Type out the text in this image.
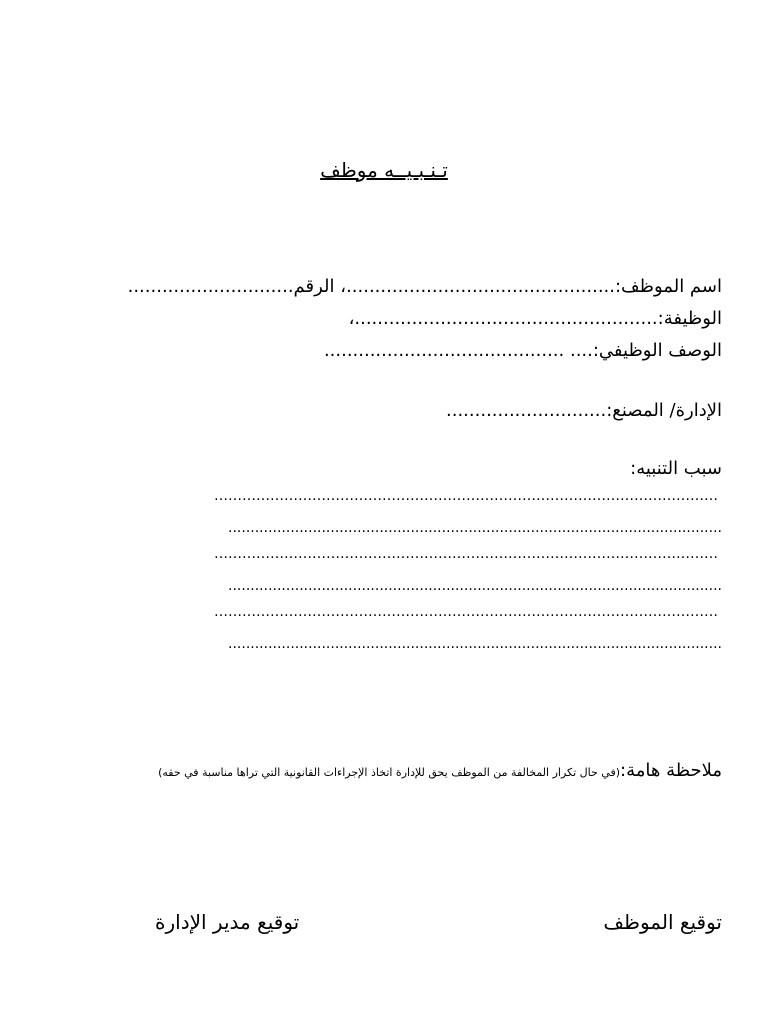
تـنـبـيــه موظف
اسم الموظف:...............................................، الرقم.............................
الوظيفة:.....................................................،
الوصف الوظيفي:.... ..........................................
الإدارة/ المصنع:............................
سبب التنبيه:
………………………………………………………………………………………………
...............................................................................................................
………………………………………………………………………………………………
...............................................................................................................
………………………………………………………………………………………………
...............................................................................................................
ملاحظة هامة:(في حال تكرار المخالفة من الموظف يحق للإدارة اتخاذ الإجراءات القانونية التي تراها مناسبة في حقه)
توقيع الموظف
توقيع مدير الإدارة
